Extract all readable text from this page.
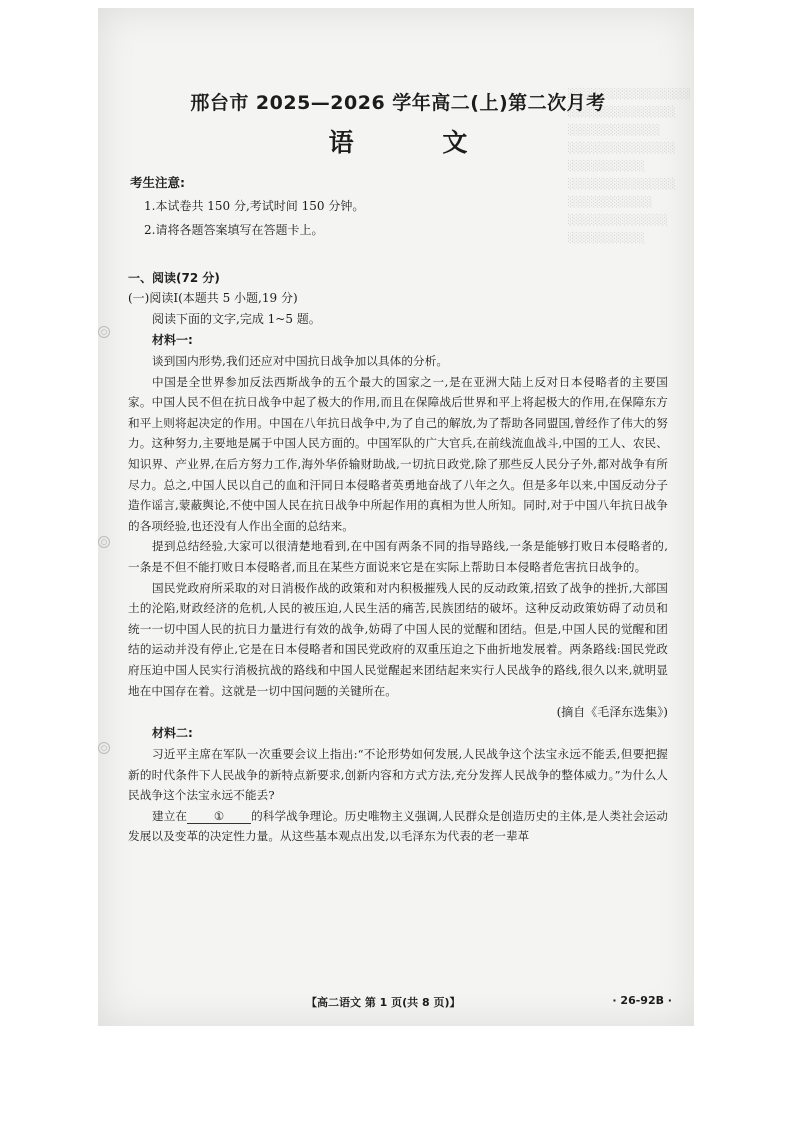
░░░░░░░░░░░░░░░░
░░░░░░░░░░░░░░
░░░░░░░░░░░░
░░░░░░░░░░░░░░
░░░░░░░░░░
░░░░░░░░░░░░░░
░░░░░░░░░░░
░░░░░░░░░░░░░
░░░░░░░░░░
○
○
○
邢台市 2025—2026 学年高二(上)第二次月考
语 文
考生注意:
1.本试卷共 150 分,考试时间 150 分钟。
2.请将各题答案填写在答题卡上。
一、阅读(72 分)
(一)阅读Ⅰ(本题共 5 小题,19 分)
阅读下面的文字,完成 1~5 题。
材料一:

谈到国内形势,我们还应对中国抗日战争加以具体的分析。

中国是全世界参加反法西斯战争的五个最大的国家之一,是在亚洲大陆上反对日本侵略者的主要国家。中国人民不但在抗日战争中起了极大的作用,而且在保障战后世界和平上将起极大的作用,在保障东方和平上则将起决定的作用。中国在八年抗日战争中,为了自己的解放,为了帮助各同盟国,曾经作了伟大的努力。这种努力,主要地是属于中国人民方面的。中国军队的广大官兵,在前线流血战斗,中国的工人、农民、知识界、产业界,在后方努力工作,海外华侨输财助战,一切抗日政党,除了那些反人民分子外,都对战争有所尽力。总之,中国人民以自己的血和汗同日本侵略者英勇地奋战了八年之久。但是多年以来,中国反动分子造作谣言,蒙蔽舆论,不使中国人民在抗日战争中所起作用的真相为世人所知。同时,对于中国八年抗日战争的各项经验,也还没有人作出全面的总结来。

提到总结经验,大家可以很清楚地看到,在中国有两条不同的指导路线,一条是能够打败日本侵略者的,一条是不但不能打败日本侵略者,而且在某些方面说来它是在实际上帮助日本侵略者危害抗日战争的。

国民党政府所采取的对日消极作战的政策和对内积极摧残人民的反动政策,招致了战争的挫折,大部国土的沦陷,财政经济的危机,人民的被压迫,人民生活的痛苦,民族团结的破坏。这种反动政策妨碍了动员和统一一切中国人民的抗日力量进行有效的战争,妨碍了中国人民的觉醒和团结。但是,中国人民的觉醒和团结的运动并没有停止,它是在日本侵略者和国民党政府的双重压迫之下曲折地发展着。两条路线:国民党政府压迫中国人民实行消极抗战的路线和中国人民觉醒起来团结起来实行人民战争的路线,很久以来,就明显地在中国存在着。这就是一切中国问题的关键所在。

(摘自《毛泽东选集》)
材料二:

习近平主席在军队一次重要会议上指出:“不论形势如何发展,人民战争这个法宝永远不能丢,但要把握新的时代条件下人民战争的新特点新要求,创新内容和方式方法,充分发挥人民战争的整体威力。”为什么人民战争这个法宝永远不能丢?

建立在 ① 的科学战争理论。历史唯物主义强调,人民群众是创造历史的主体,是人类社会运动发展以及变革的决定性力量。从这些基本观点出发,以毛泽东为代表的老一辈革

【高二语文 第 1 页(共 8 页)】	· 26-92B ·
